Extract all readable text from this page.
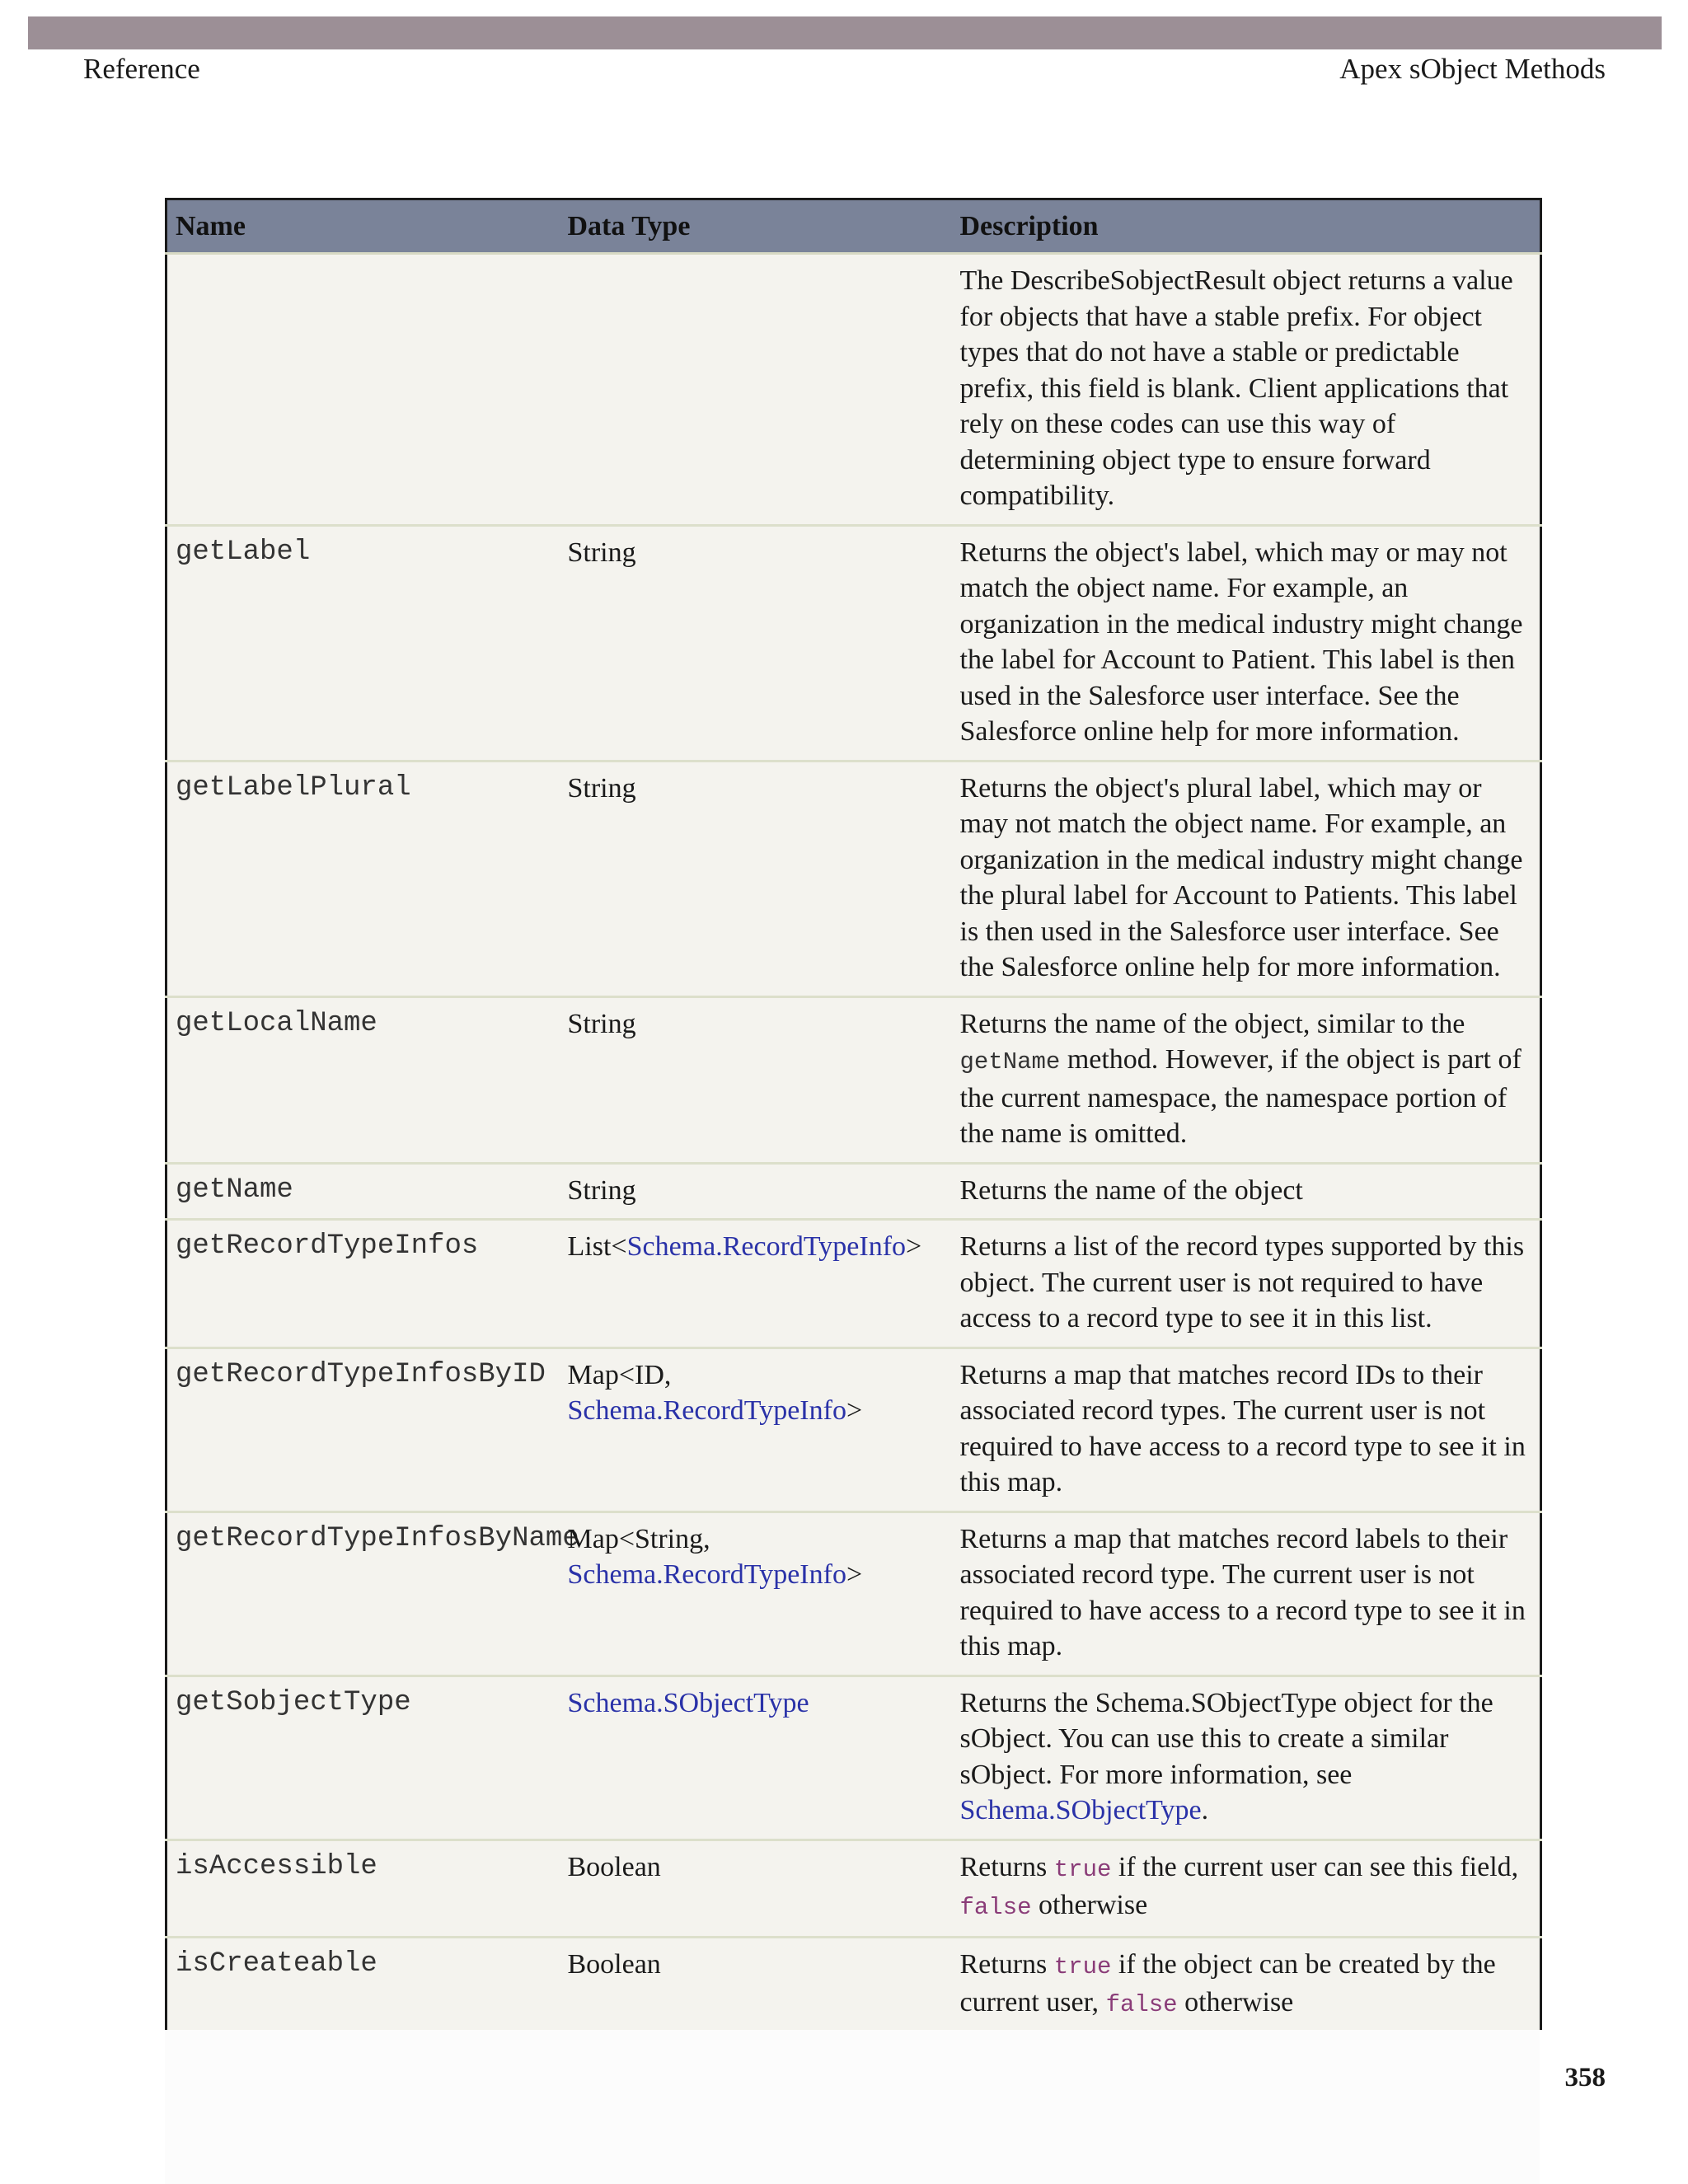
Reference	Apex sObject Methods
Name	Data Type	Description
		The DescribeSobjectResult object returns a value for objects that have a stable prefix. For object types that do not have a stable or predictable prefix, this field is blank. Client applications that rely on these codes can use this way of determining object type to ensure forward compatibility.
getLabel	String	Returns the object's label, which may or may not match the object name. For example, an organization in the medical industry might change the label for Account to Patient. This label is then used in the Salesforce user interface. See the Salesforce online help for more information.
getLabelPlural	String	Returns the object's plural label, which may or may not match the object name. For example, an organization in the medical industry might change the plural label for Account to Patients. This label is then used in the Salesforce user interface. See the Salesforce online help for more information.
getLocalName	String	Returns the name of the object, similar to the getName method. However, if the object is part of the current namespace, the namespace portion of the name is omitted.
getName	String	Returns the name of the object
getRecordTypeInfos	List<Schema.RecordTypeInfo>	Returns a list of the record types supported by this object. The current user is not required to have access to a record type to see it in this list.
getRecordTypeInfosByID	Map<ID,
Schema.RecordTypeInfo>	Returns a map that matches record IDs to their associated record types. The current user is not required to have access to a record type to see it in this map.
getRecordTypeInfosByName	Map<String,
Schema.RecordTypeInfo>	Returns a map that matches record labels to their associated record type. The current user is not required to have access to a record type to see it in this map.
getSobjectType	Schema.SObjectType	Returns the Schema.SObjectType object for the sObject. You can use this to create a similar sObject. For more information, see Schema.SObjectType.
isAccessible	Boolean	Returns true if the current user can see this field, false otherwise
isCreateable	Boolean	Returns true if the object can be created by the current user, false otherwise
358
